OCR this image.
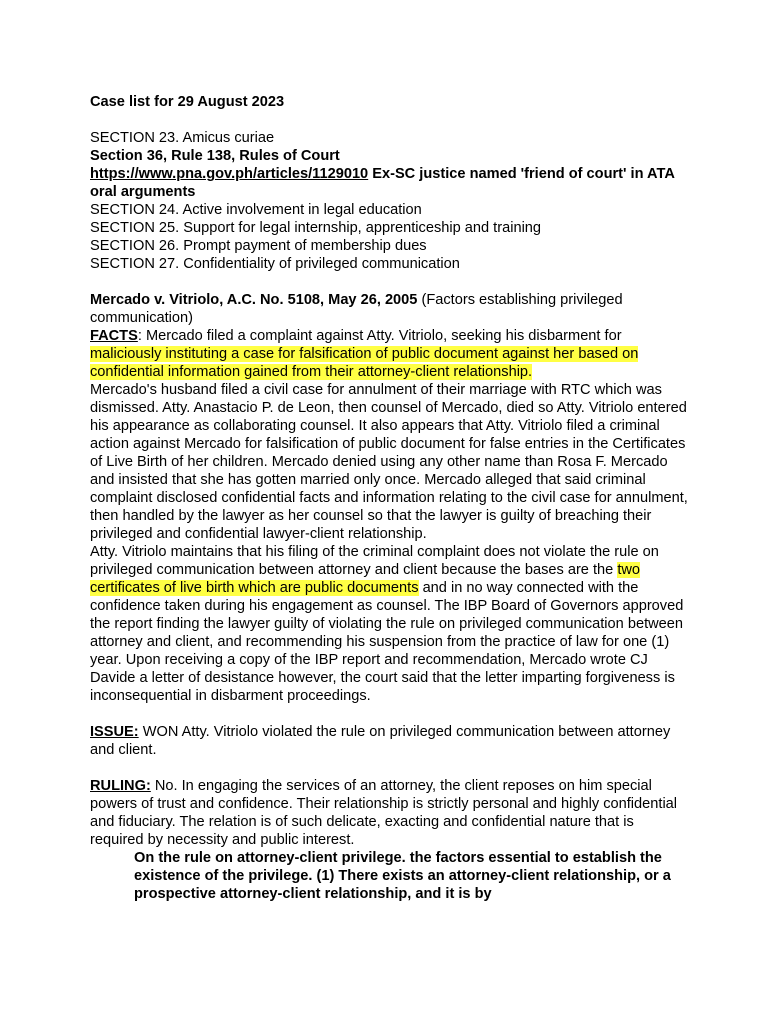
Case list for 29 August 2023

SECTION 23. Amicus curiae

Section 36, Rule 138, Rules of Court

https://www.pna.gov.ph/articles/1129010 Ex-SC justice named 'friend of court' in ATA oral arguments

SECTION 24. Active involvement in legal education

SECTION 25. Support for legal internship, apprenticeship and training

SECTION 26. Prompt payment of membership dues

SECTION 27. Confidentiality of privileged communication

Mercado v. Vitriolo, A.C. No. 5108, May 26, 2005 (Factors establishing privileged communication)

FACTS: Mercado filed a complaint against Atty. Vitriolo, seeking his disbarment for maliciously instituting a case for falsification of public document against her based on confidential information gained from their attorney-client relationship.

Mercado's husband filed a civil case for annulment of their marriage with RTC which was dismissed. Atty. Anastacio P. de Leon, then counsel of Mercado, died so Atty. Vitriolo entered his appearance as collaborating counsel. It also appears that Atty. Vitriolo filed a criminal action against Mercado for falsification of public document for false entries in the Certificates of Live Birth of her children. Mercado denied using any other name than Rosa F. Mercado and insisted that she has gotten married only once. Mercado alleged that said criminal complaint disclosed confidential facts and information relating to the civil case for annulment, then handled by the lawyer as her counsel so that the lawyer is guilty of breaching their privileged and confidential lawyer-client relationship.

Atty. Vitriolo maintains that his filing of the criminal complaint does not violate the rule on privileged communication between attorney and client because the bases are the two certificates of live birth which are public documents and in no way connected with the confidence taken during his engagement as counsel. The IBP Board of Governors approved the report finding the lawyer guilty of violating the rule on privileged communication between attorney and client, and recommending his suspension from the practice of law for one (1) year. Upon receiving a copy of the IBP report and recommendation, Mercado wrote CJ Davide a letter of desistance however, the court said that the letter imparting forgiveness is inconsequential in disbarment proceedings.

ISSUE: WON Atty. Vitriolo violated the rule on privileged communication between attorney and client.

RULING: No. In engaging the services of an attorney, the client reposes on him special powers of trust and confidence. Their relationship is strictly personal and highly confidential and fiduciary. The relation is of such delicate, exacting and confidential nature that is required by necessity and public interest.

On the rule on attorney-client privilege. the factors essential to establish the existence of the privilege. (1) There exists an attorney-client relationship, or a prospective attorney-client relationship, and it is by
